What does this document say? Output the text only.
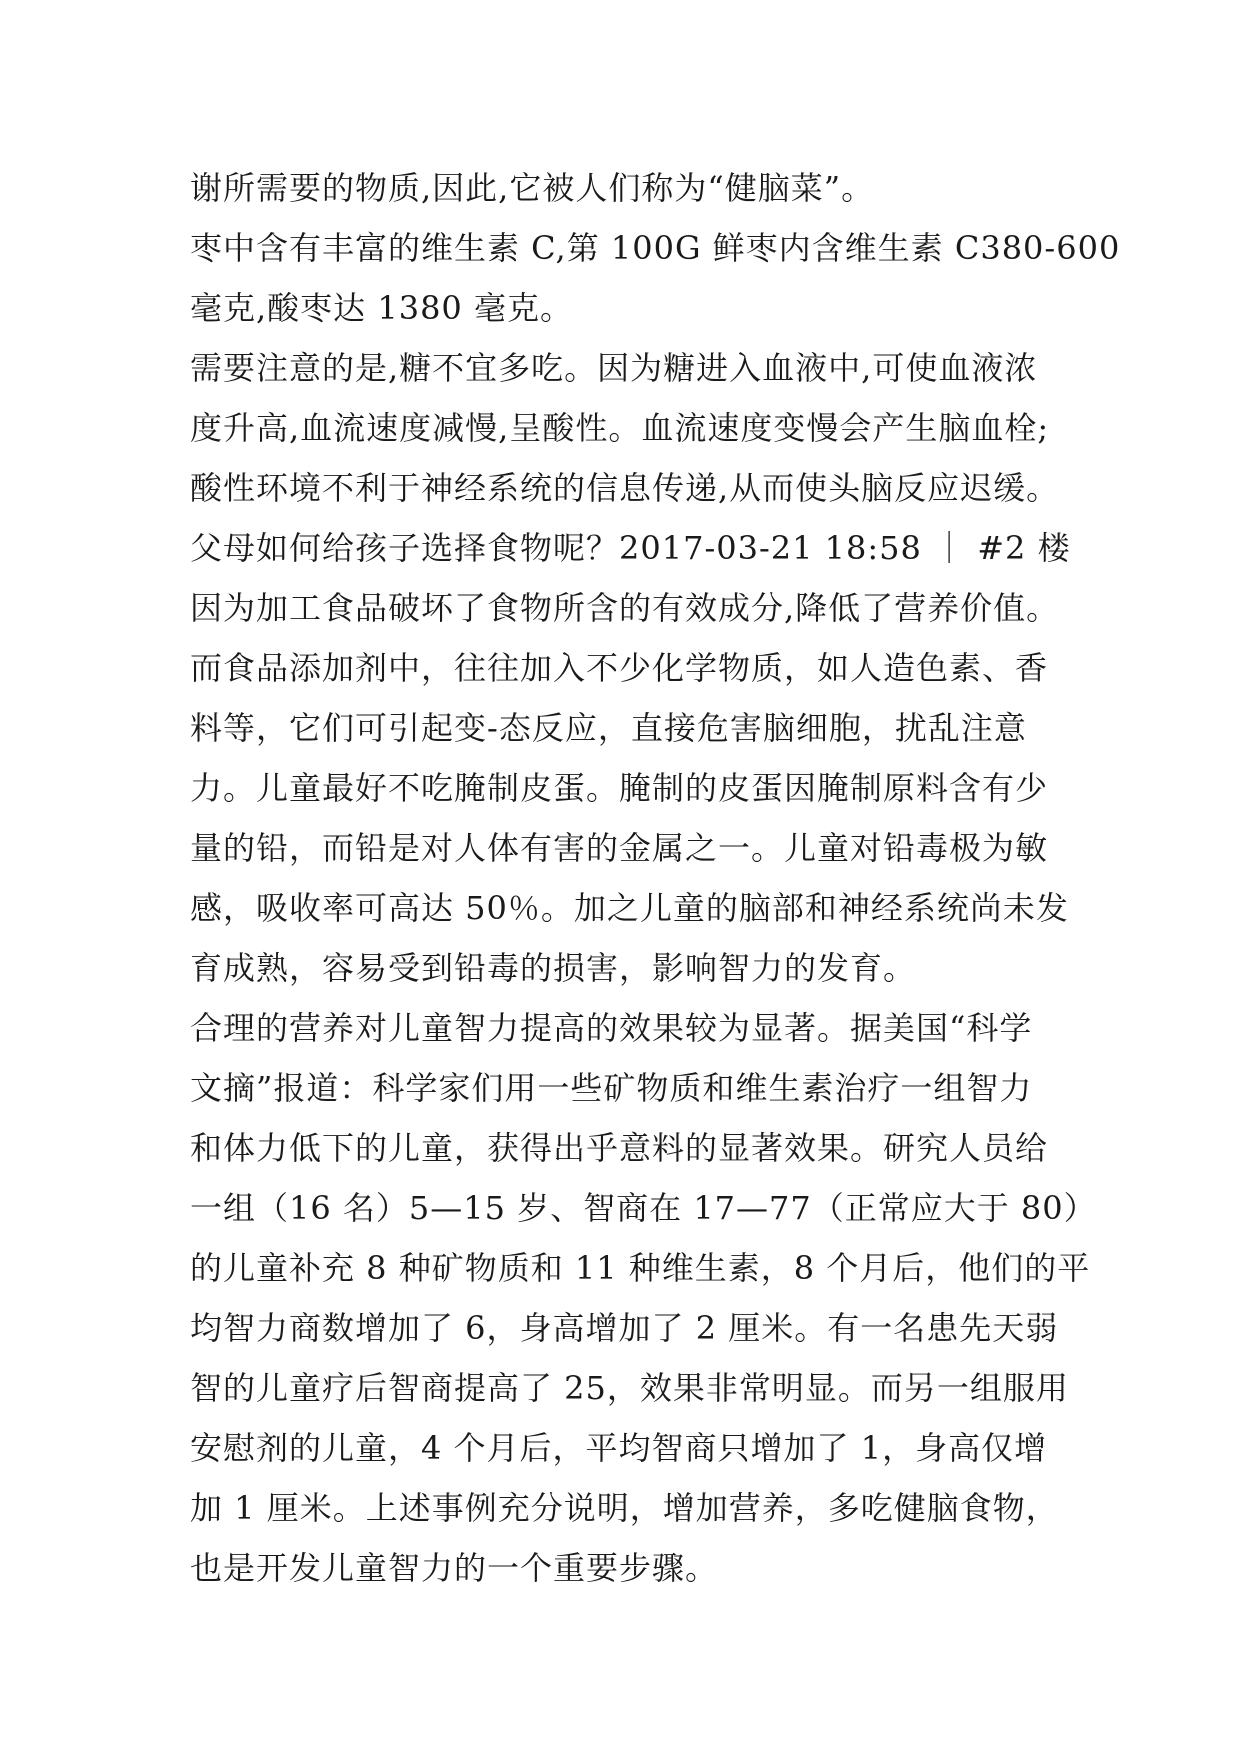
谢所需要的物质,因此,它被人们称为“健脑菜”。
枣中含有丰富的维生素 C,第 100G 鲜枣内含维生素 C380-600
毫克,酸枣达 1380 毫克。
需要注意的是,糖不宜多吃。因为糖进入血液中,可使血液浓
度升高,血流速度减慢,呈酸性。血流速度变慢会产生脑血栓;
酸性环境不利于神经系统的信息传递,从而使头脑反应迟缓。
父母如何给孩子选择食物呢？2017-03-21 18:58 ｜ #2 楼
因为加工食品破坏了食物所含的有效成分,降低了营养价值。
而食品添加剂中，往往加入不少化学物质，如人造色素、香
料等，它们可引起变-态反应，直接危害脑细胞，扰乱注意
力。儿童最好不吃腌制皮蛋。腌制的皮蛋因腌制原料含有少
量的铅，而铅是对人体有害的金属之一。儿童对铅毒极为敏
感，吸收率可高达 50％。加之儿童的脑部和神经系统尚未发
育成熟，容易受到铅毒的损害，影响智力的发育。
合理的营养对儿童智力提高的效果较为显著。据美国“科学
文摘”报道：科学家们用一些矿物质和维生素治疗一组智力
和体力低下的儿童，获得出乎意料的显著效果。研究人员给
一组（16 名）5—15 岁、智商在 17—77（正常应大于 80）
的儿童补充 8 种矿物质和 11 种维生素，8 个月后，他们的平
均智力商数增加了 6，身高增加了 2 厘米。有一名患先天弱
智的儿童疗后智商提高了 25，效果非常明显。而另一组服用
安慰剂的儿童，4 个月后，平均智商只增加了 1，身高仅增
加 1 厘米。上述事例充分说明，增加营养，多吃健脑食物，
也是开发儿童智力的一个重要步骤。
